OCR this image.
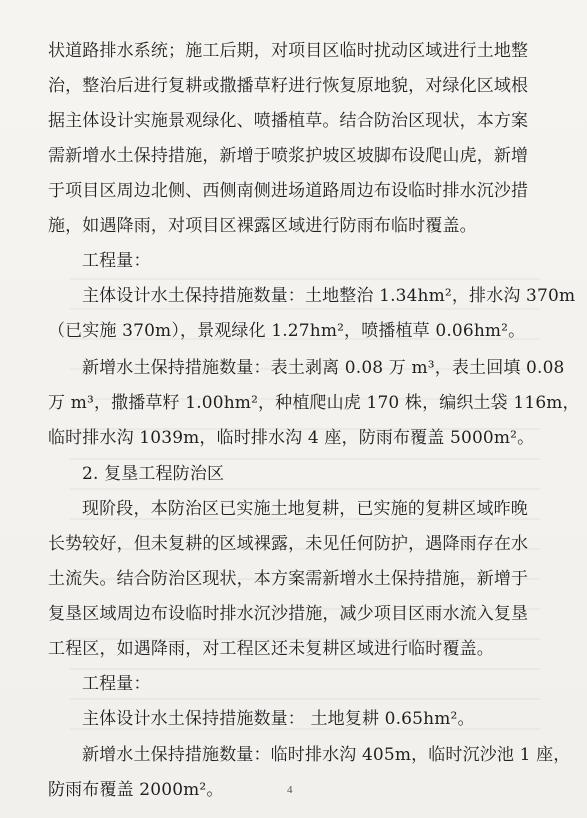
状道路排水系统；施工后期，对项目区临时扰动区域进行土地整
治，整治后进行复耕或撒播草籽进行恢复原地貌，对绿化区域根
据主体设计实施景观绿化、喷播植草。结合防治区现状，本方案
需新增水土保持措施，新增于喷浆护坡区坡脚布设爬山虎，新增
于项目区周边北侧、西侧南侧进场道路周边布设临时排水沉沙措
施，如遇降雨，对项目区裸露区域进行防雨布临时覆盖。
工程量：
主体设计水土保持措施数量：土地整治 1.34hm²，排水沟 370m
（已实施 370m），景观绿化 1.27hm²，喷播植草 0.06hm²。
新增水土保持措施数量：表土剥离 0.08 万 m³，表土回填 0.08
万 m³，撒播草籽 1.00hm²，种植爬山虎 170 株，编织土袋 116m，
临时排水沟 1039m，临时排水沟 4 座，防雨布覆盖 5000m²。
2. 复垦工程防治区
现阶段，本防治区已实施土地复耕，已实施的复耕区域昨晚
长势较好，但未复耕的区域裸露，未见任何防护，遇降雨存在水
土流失。结合防治区现状，本方案需新增水土保持措施，新增于
复垦区域周边布设临时排水沉沙措施，减少项目区雨水流入复垦
工程区，如遇降雨，对工程区还未复耕区域进行临时覆盖。
工程量：
主体设计水土保持措施数量： 土地复耕 0.65hm²。
新增水土保持措施数量：临时排水沟 405m，临时沉沙池 1 座，
防雨布覆盖 2000m²。	4
